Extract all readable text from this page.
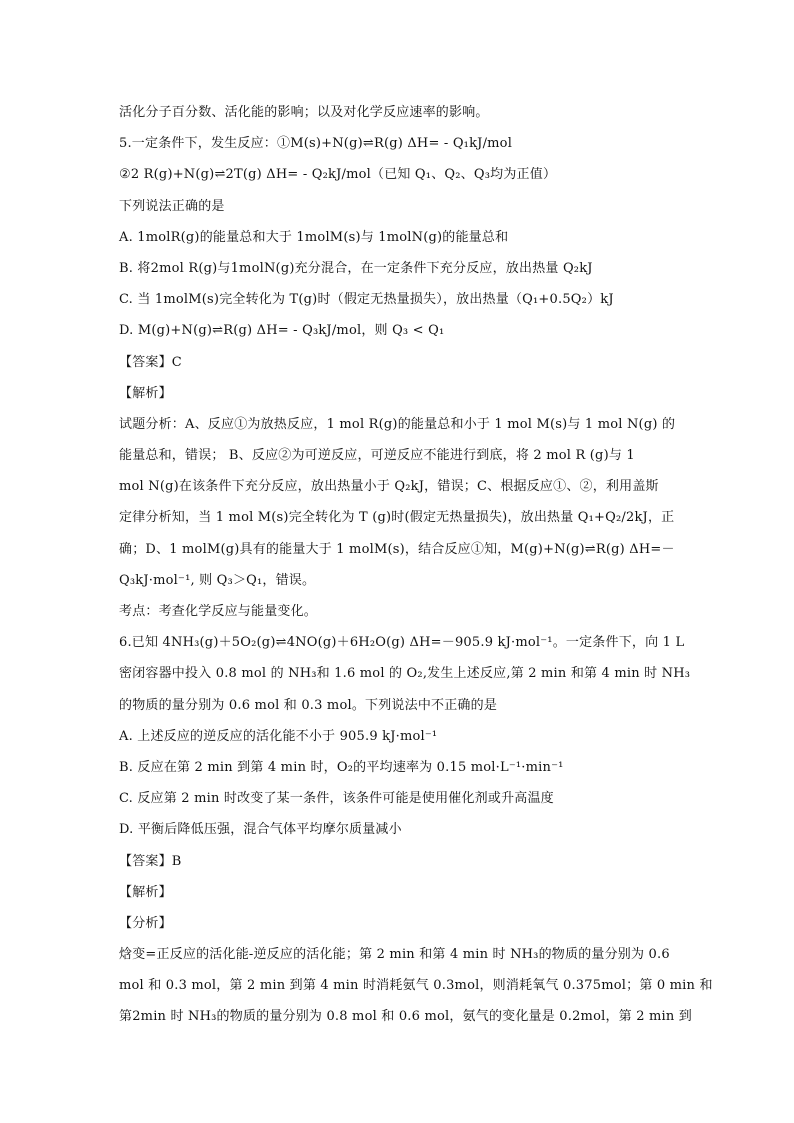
活化分子百分数、活化能的影响；以及对化学反应速率的影响。
5.一定条件下，发生反应：①M(s)+N(g)⇌R(g) ΔH= - Q₁kJ/mol
②2 R(g)+N(g)⇌2T(g) ΔH= - Q₂kJ/mol（已知 Q₁、Q₂、Q₃均为正值）
下列说法正确的是
A. 1molR(g)的能量总和大于 1molM(s)与 1molN(g)的能量总和
B. 将2mol R(g)与1molN(g)充分混合，在一定条件下充分反应，放出热量 Q₂kJ
C. 当 1molM(s)完全转化为 T(g)时（假定无热量损失），放出热量（Q₁+0.5Q₂）kJ
D. M(g)+N(g)⇌R(g) ΔH= - Q₃kJ/mol，则 Q₃ < Q₁
【答案】C
【解析】
试题分析：A、反应①为放热反应，1 mol R(g)的能量总和小于 1 mol M(s)与 1 mol N(g) 的
能量总和，错误； B、反应②为可逆反应，可逆反应不能进行到底，将 2 mol R (g)与 1
mol N(g)在该条件下充分反应，放出热量小于 Q₂kJ，错误；C、根据反应①、②，利用盖斯
定律分析知，当 1 mol M(s)完全转化为 T (g)时(假定无热量损失)，放出热量 Q₁+Q₂/2kJ，正
确；D、1 molM(g)具有的能量大于 1 molM(s)，结合反应①知，M(g)+N(g)⇌R(g) ΔH=－
Q₃kJ·mol⁻¹, 则 Q₃＞Q₁，错误。
考点：考查化学反应与能量变化。
6.已知 4NH₃(g)＋5O₂(g)⇌4NO(g)＋6H₂O(g) ΔH=－905.9 kJ·mol⁻¹。一定条件下，向 1 L
密闭容器中投入 0.8 mol 的 NH₃和 1.6 mol 的 O₂,发生上述反应,第 2 min 和第 4 min 时 NH₃
的物质的量分别为 0.6 mol 和 0.3 mol。下列说法中不正确的是
A. 上述反应的逆反应的活化能不小于 905.9 kJ·mol⁻¹
B. 反应在第 2 min 到第 4 min 时，O₂的平均速率为 0.15 mol·L⁻¹·min⁻¹
C. 反应第 2 min 时改变了某一条件，该条件可能是使用催化剂或升高温度
D. 平衡后降低压强，混合气体平均摩尔质量减小
【答案】B
【解析】
【分析】
焓变=正反应的活化能-逆反应的活化能；第 2 min 和第 4 min 时 NH₃的物质的量分别为 0.6
mol 和 0.3 mol，第 2 min 到第 4 min 时消耗氨气 0.3mol，则消耗氧气 0.375mol；第 0 min 和
第2min 时 NH₃的物质的量分别为 0.8 mol 和 0.6 mol，氨气的变化量是 0.2mol，第 2 min 到
